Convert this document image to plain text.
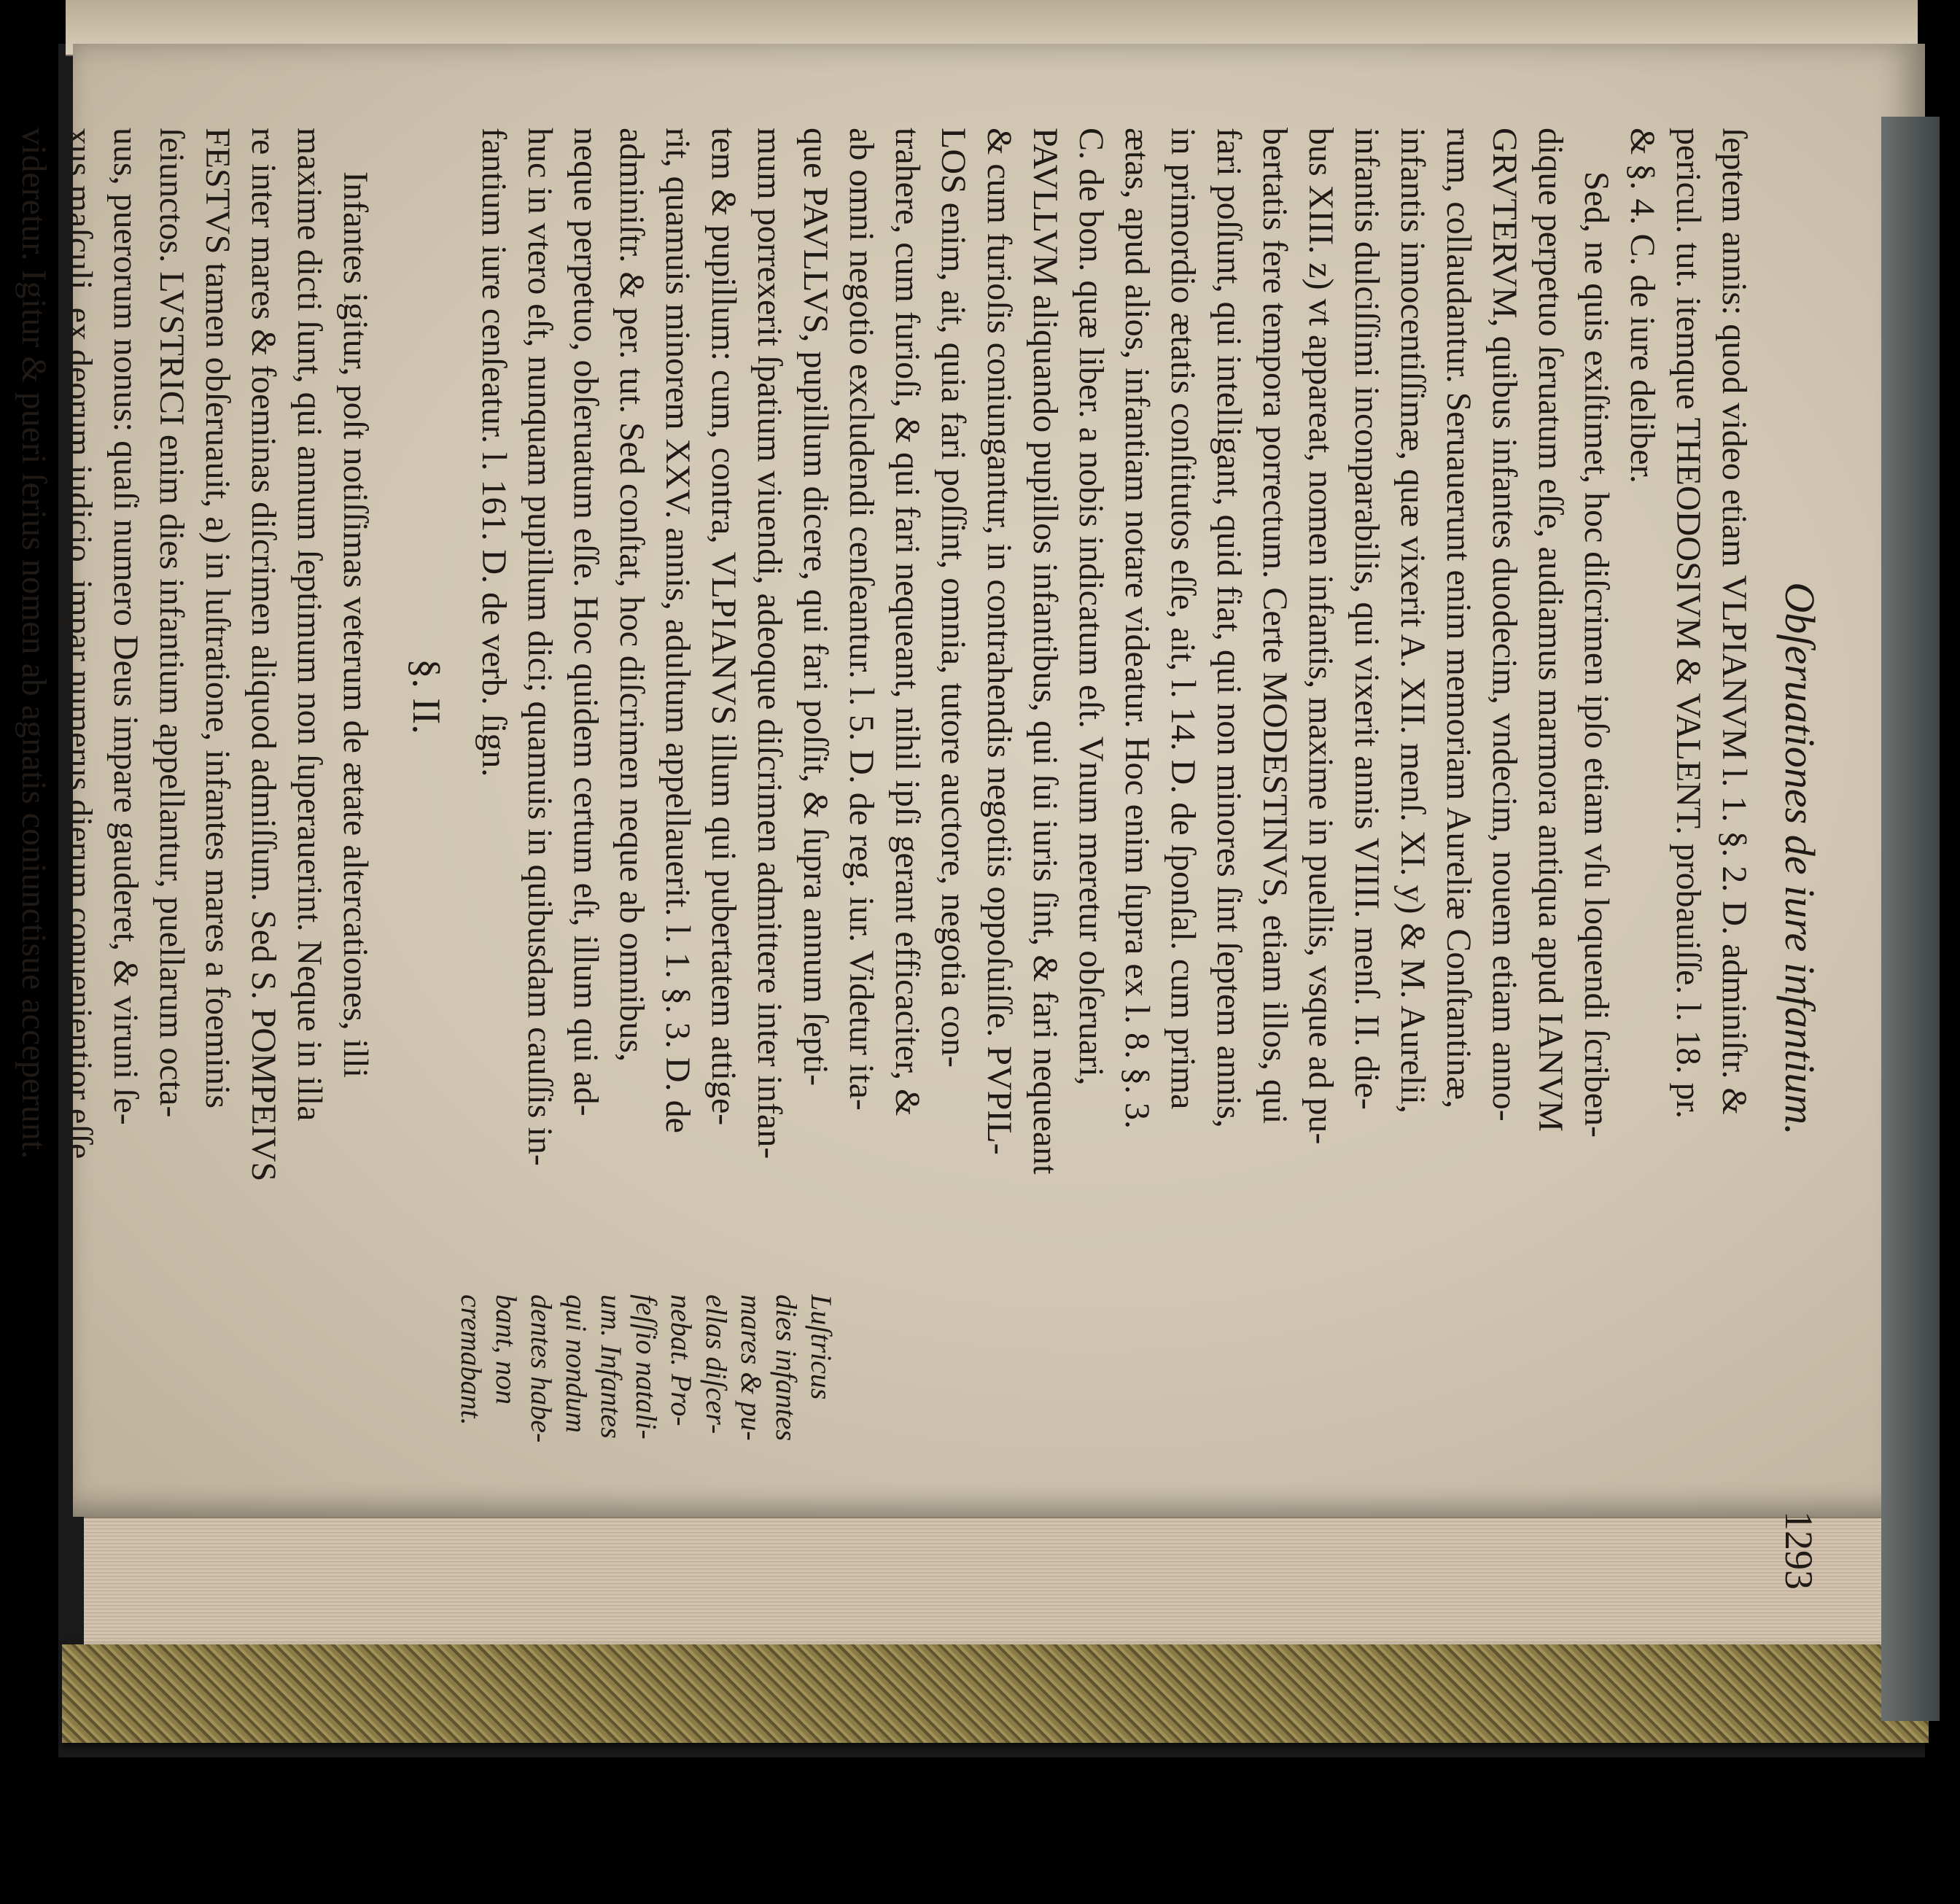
Obſeruationes de iure infantium.
1293
ſeptem annis: quod video etiam VLPIANVM l. 1. §. 2. D. adminiſtr. &
pericul. tut. itemque THEODOSIVM & VALENT. probauiſſe. l. 18. pr.
& §. 4. C. de iure deliber.
Sed, ne quis exiſtimet, hoc diſcrimen ipſo etiam vſu loquendi ſcriben-
dique perpetuo ſeruatum eſſe, audiamus marmora antiqua apud IANVM
GRVTERVM, quibus infantes duodecim, vndecim, nouem etiam anno-
rum, collaudantur. Seruauerunt enim memoriam Aureliæ Conſtantinæ,
infantis innocentiſſimæ, quæ vixerit A. XII. menſ. XI. y) & M. Aurelii,
infantis dulciſſimi inconparabilis, qui vixerit annis VIIII. menſ. II. die-
bus XIII. z) vt appareat, nomen infantis, maxime in puellis, vsque ad pu-
bertatis fere tempora porrectum. Certe MODESTINVS, etiam illos, qui
fari poſſunt, qui intelligant, quid fiat, qui non minores ſint ſeptem annis,
in primordio ætatis conſtitutos eſſe, ait, l. 14. D. de ſponſal. cum prima
ætas, apud alios, infantiam notare videatur. Hoc enim ſupra ex l. 8. §. 3.
C. de bon. quæ liber. a nobis indicatum eſt. Vnum meretur obſeruari,
PAVLLVM aliquando pupillos infantibus, qui ſui iuris ſint, & fari nequeant
& cum furioſis coniungantur, in contrahendis negotiis oppoſuiſſe. PVPIL-
LOS enim, ait, quia fari poſſint, omnia, tutore auctore, negotia con-
trahere, cum furioſi, & qui fari nequeant, nihil ipſi gerant efficaciter, &
ab omni negotio excludendi cenſeantur. l. 5. D. de reg. iur. Videtur ita-
que PAVLLVS, pupillum dicere, qui fari poſſit, & ſupra annum ſepti-
mum porrexerit ſpatium viuendi, adeoque diſcrimen admittere inter infan-
tem & pupillum: cum, contra, VLPIANVS illum qui pubertatem attige-
rit, quamuis minorem XXV. annis, adultum appellauerit. l. 1. §. 3. D. de
adminiſtr. & per. tut. Sed conſtat, hoc diſcrimen neque ab omnibus,
neque perpetuo, obſeruatum eſſe. Hoc quidem certum eſt, illum qui ad-
huc in vtero eſt, nunquam pupillum dici; quamuis in quibusdam cauſſis in-
fantium iure cenſeatur. l. 161. D. de verb. ſign.
§. II.
Infantes igitur, poſt notiſſimas veterum de ætate altercationes, illi
maxime dicti ſunt, qui annum ſeptimum non ſuperauerint. Neque in illa
re inter mares & foeminas diſcrimen aliquod admiſſum. Sed S. POMPEIVS
FESTVS tamen obſeruauit, a) in luſtratione, infantes mares a foeminis
ſeiunctos. LVSTRICI enim dies infantium appellantur, puellarum octa-
uus, puerorum nonus: quaſi numero Deus impare gauderet, & viruni ſe-
xus maſculi, ex deorum iudicio, impar numerus dierum conuenientior eſſe
videretur. Igitur & pueri ſerius nomen ab agnatis coniunctisue acceperunt.
Luſtricus
dies infantes
mares & pu-
ellas diſcer-
nebat. Pro-
feſſio natali-
um. Infantes
qui nondum
dentes habe-
bant, non
cremabant.
